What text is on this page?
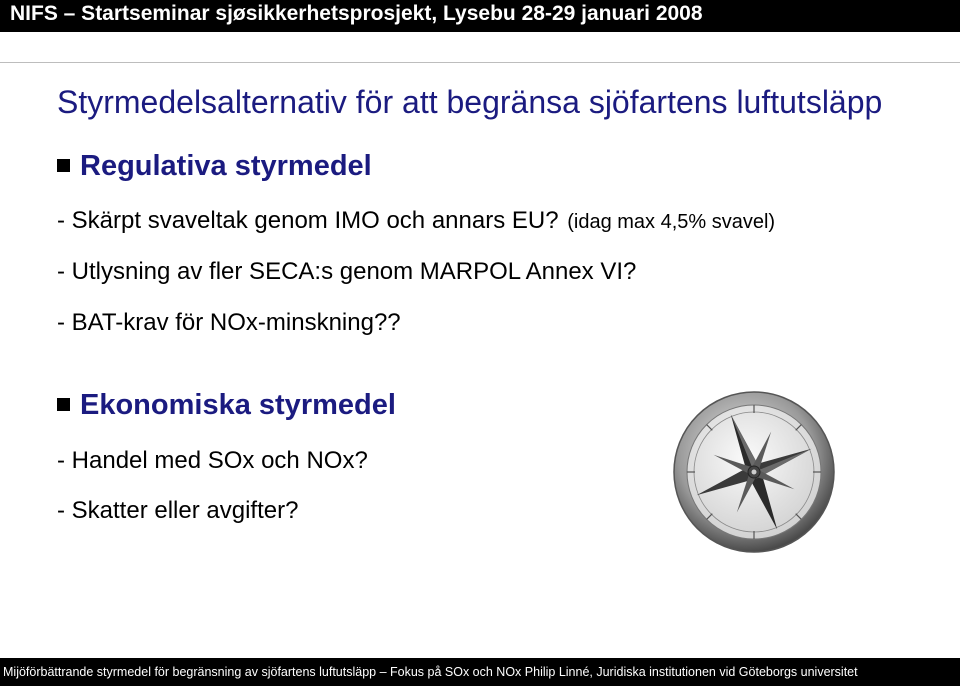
NIFS – Startseminar sjøsikkerhetsprosjekt, Lysebu 28-29 januari 2008
Styrmedelsalternativ för att begränsa sjöfartens luftutsläpp
Regulativa styrmedel
- Skärpt svaveltak genom IMO och annars EU? (idag max 4,5% svavel)
- Utlysning av fler SECA:s genom MARPOL Annex VI?
- BAT-krav för NOx-minskning??
Ekonomiska styrmedel
- Handel med SOx och NOx?
- Skatter eller avgifter?
Mijöförbättrande styrmedel för begränsning av sjöfartens luftutsläpp – Fokus på SOx och NOx Philip Linné, Juridiska institutionen vid Göteborgs universitet
